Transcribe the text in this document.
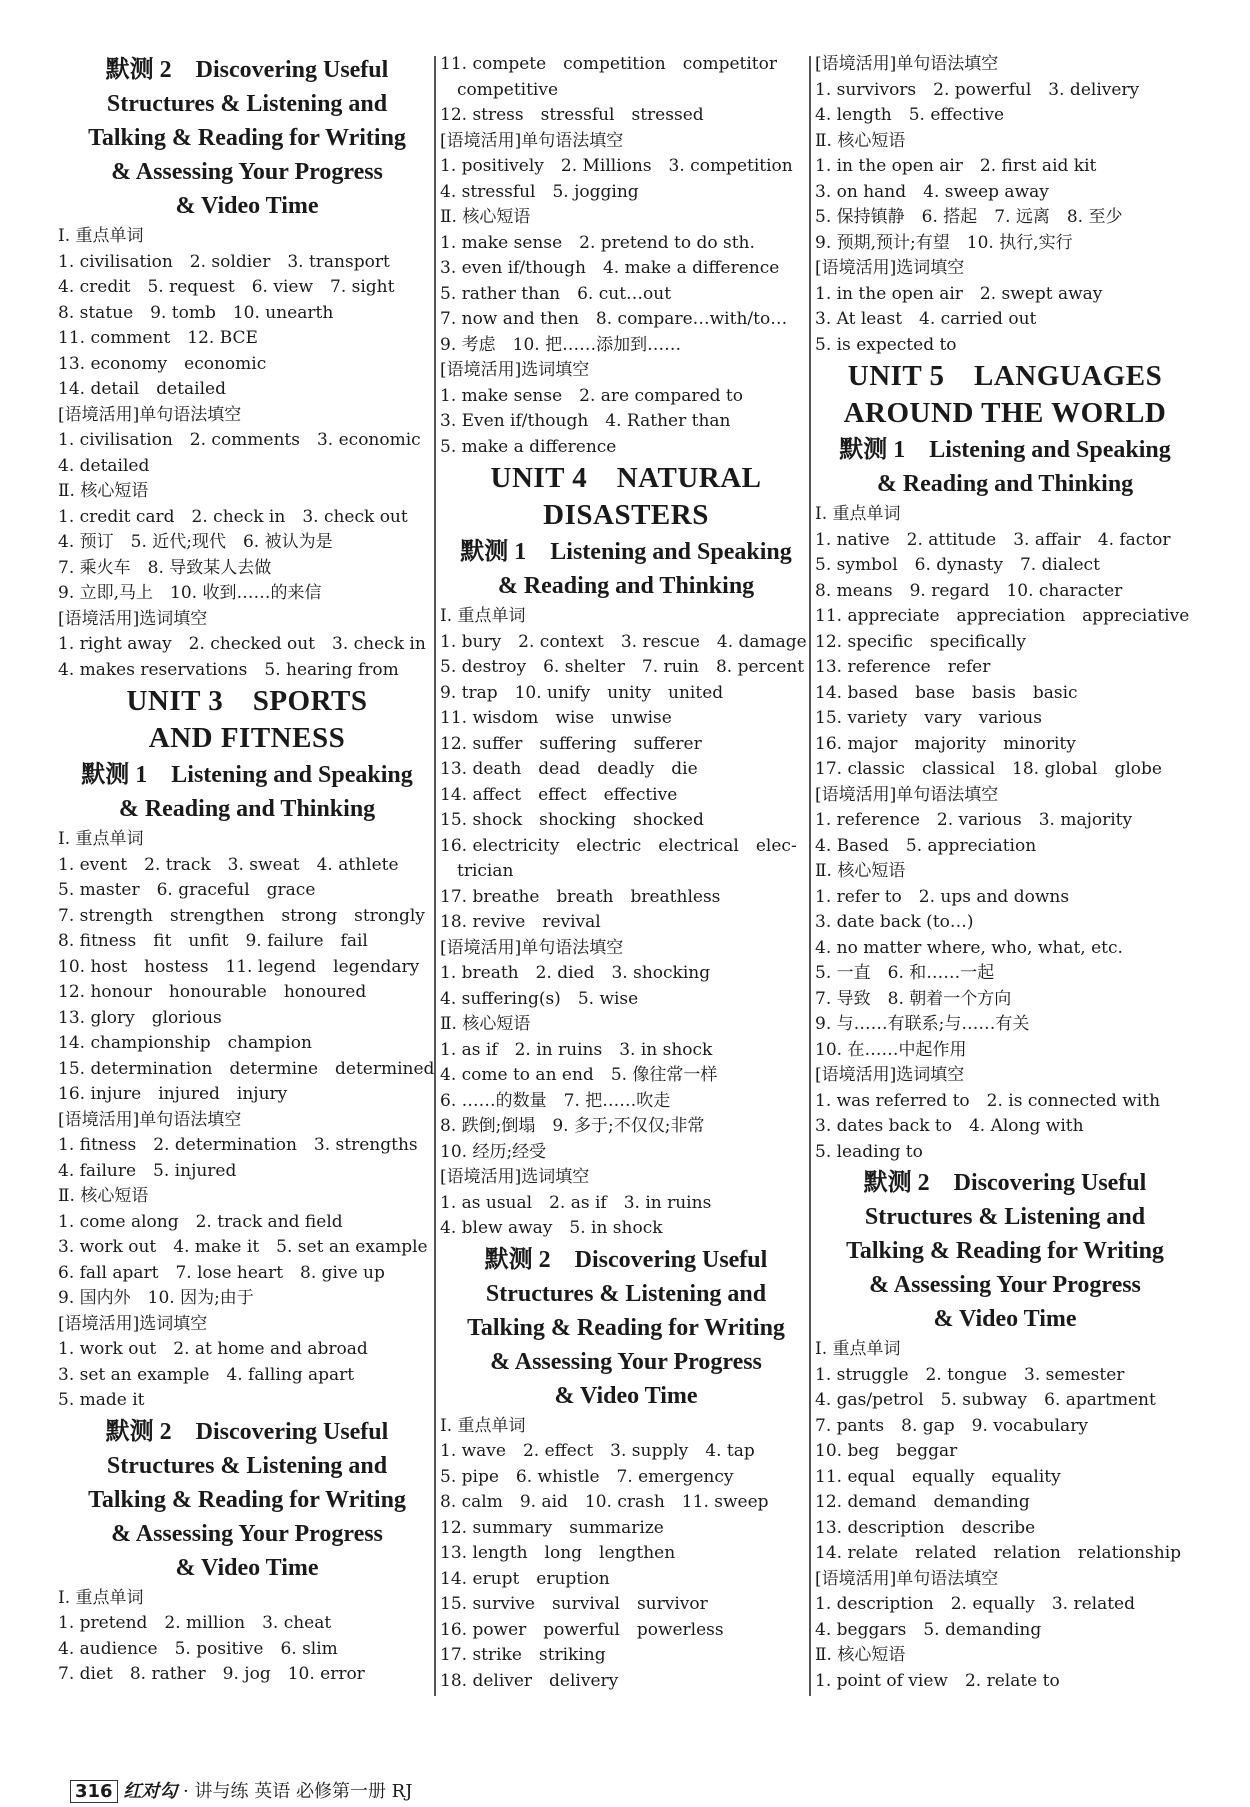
默测 2　Discovering Useful
Structures & Listening and
Talking & Reading for Writing
& Assessing Your Progress
& Video Time
Ⅰ. 重点单词
1. civilisation　2. soldier　3. transport
4. credit　5. request　6. view　7. sight
8. statue　9. tomb　10. unearth
11. comment　12. BCE
13. economy　economic
14. detail　detailed
[语境活用]单句语法填空
1. civilisation　2. comments　3. economic
4. detailed
Ⅱ. 核心短语
1. credit card　2. check in　3. check out
4. 预订　5. 近代;现代　6. 被认为是
7. 乘火车　8. 导致某人去做
9. 立即,马上　10. 收到……的来信
[语境活用]选词填空
1. right away　2. checked out　3. check in
4. makes reservations　5. hearing from
UNIT 3　SPORTS
AND FITNESS
默测 1　Listening and Speaking
& Reading and Thinking
Ⅰ. 重点单词
1. event　2. track　3. sweat　4. athlete
5. master　6. graceful　grace
7. strength　strengthen　strong　strongly
8. fitness　fit　unfit　9. failure　fail
10. host　hostess　11. legend　legendary
12. honour　honourable　honoured
13. glory　glorious
14. championship　champion
15. determination　determine　determined
16. injure　injured　injury
[语境活用]单句语法填空
1. fitness　2. determination　3. strengths
4. failure　5. injured
Ⅱ. 核心短语
1. come along　2. track and field
3. work out　4. make it　5. set an example
6. fall apart　7. lose heart　8. give up
9. 国内外　10. 因为;由于
[语境活用]选词填空
1. work out　2. at home and abroad
3. set an example　4. falling apart
5. made it
默测 2　Discovering Useful
Structures & Listening and
Talking & Reading for Writing
& Assessing Your Progress
& Video Time
Ⅰ. 重点单词
1. pretend　2. million　3. cheat
4. audience　5. positive　6. slim
7. diet　8. rather　9. jog　10. error
11. compete　competition　competitor
　competitive
12. stress　stressful　stressed
[语境活用]单句语法填空
1. positively　2. Millions　3. competition
4. stressful　5. jogging
Ⅱ. 核心短语
1. make sense　2. pretend to do sth.
3. even if/though　4. make a difference
5. rather than　6. cut…out
7. now and then　8. compare…with/to…
9. 考虑　10. 把……添加到……
[语境活用]选词填空
1. make sense　2. are compared to
3. Even if/though　4. Rather than
5. make a difference
UNIT 4　NATURAL
DISASTERS
默测 1　Listening and Speaking
& Reading and Thinking
Ⅰ. 重点单词
1. bury　2. context　3. rescue　4. damage
5. destroy　6. shelter　7. ruin　8. percent
9. trap　10. unify　unity　united
11. wisdom　wise　unwise
12. suffer　suffering　sufferer
13. death　dead　deadly　die
14. affect　effect　effective
15. shock　shocking　shocked
16. electricity　electric　electrical　elec-
　trician
17. breathe　breath　breathless
18. revive　revival
[语境活用]单句语法填空
1. breath　2. died　3. shocking
4. suffering(s)　5. wise
Ⅱ. 核心短语
1. as if　2. in ruins　3. in shock
4. come to an end　5. 像往常一样
6. ……的数量　7. 把……吹走
8. 跌倒;倒塌　9. 多于;不仅仅;非常
10. 经历;经受
[语境活用]选词填空
1. as usual　2. as if　3. in ruins
4. blew away　5. in shock
默测 2　Discovering Useful
Structures & Listening and
Talking & Reading for Writing
& Assessing Your Progress
& Video Time
Ⅰ. 重点单词
1. wave　2. effect　3. supply　4. tap
5. pipe　6. whistle　7. emergency
8. calm　9. aid　10. crash　11. sweep
12. summary　summarize
13. length　long　lengthen
14. erupt　eruption
15. survive　survival　survivor
16. power　powerful　powerless
17. strike　striking
18. deliver　delivery
[语境活用]单句语法填空
1. survivors　2. powerful　3. delivery
4. length　5. effective
Ⅱ. 核心短语
1. in the open air　2. first aid kit
3. on hand　4. sweep away
5. 保持镇静　6. 搭起　7. 远离　8. 至少
9. 预期,预计;有望　10. 执行,实行
[语境活用]选词填空
1. in the open air　2. swept away
3. At least　4. carried out
5. is expected to
UNIT 5　LANGUAGES
AROUND THE WORLD
默测 1　Listening and Speaking
& Reading and Thinking
Ⅰ. 重点单词
1. native　2. attitude　3. affair　4. factor
5. symbol　6. dynasty　7. dialect
8. means　9. regard　10. character
11. appreciate　appreciation　appreciative
12. specific　specifically
13. reference　refer
14. based　base　basis　basic
15. variety　vary　various
16. major　majority　minority
17. classic　classical　18. global　globe
[语境活用]单句语法填空
1. reference　2. various　3. majority
4. Based　5. appreciation
Ⅱ. 核心短语
1. refer to　2. ups and downs
3. date back (to…)
4. no matter where, who, what, etc.
5. 一直　6. 和……一起
7. 导致　8. 朝着一个方向
9. 与……有联系;与……有关
10. 在……中起作用
[语境活用]选词填空
1. was referred to　2. is connected with
3. dates back to　4. Along with
5. leading to
默测 2　Discovering Useful
Structures & Listening and
Talking & Reading for Writing
& Assessing Your Progress
& Video Time
Ⅰ. 重点单词
1. struggle　2. tongue　3. semester
4. gas/petrol　5. subway　6. apartment
7. pants　8. gap　9. vocabulary
10. beg　beggar
11. equal　equally　equality
12. demand　demanding
13. description　describe
14. relate　related　relation　relationship
[语境活用]单句语法填空
1. description　2. equally　3. related
4. beggars　5. demanding
Ⅱ. 核心短语
1. point of view　2. relate to
316 红对勾 · 讲与练 英语 必修第一册 RJ
